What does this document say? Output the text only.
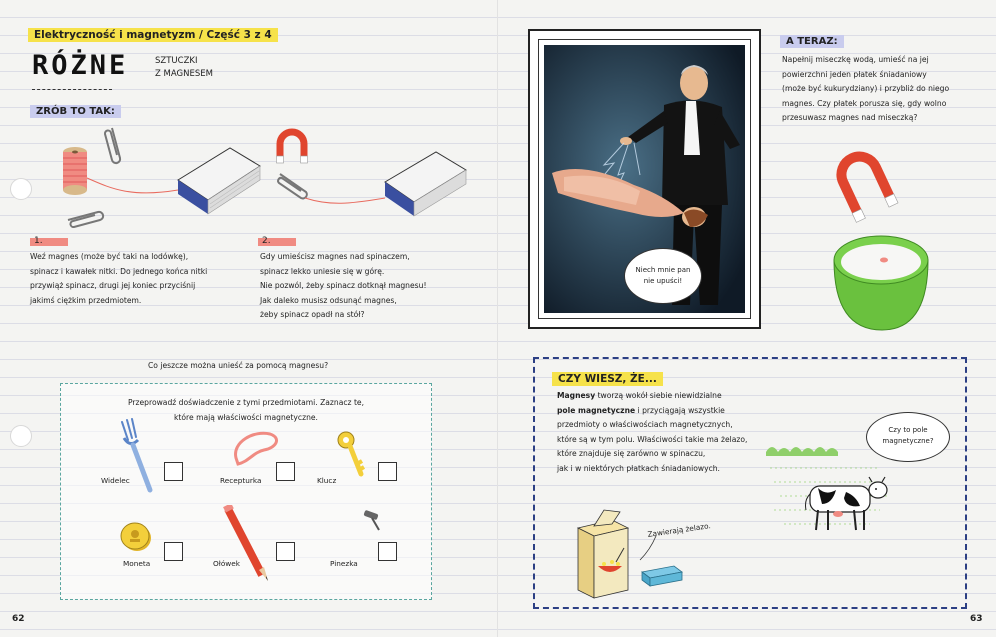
Elektryczność i magnetyzm / Część 3 z 4
RÓŻNE	SZTUCZKI
Z MAGNESEM
ZRÓB TO TAK:
1.
Weź magnes (może być taki na lodówkę),
spinacz i kawałek nitki. Do jednego końca nitki
przywiąż spinacz, drugi jej koniec przyciśnij
jakimś ciężkim przedmiotem.
2.
Gdy umieścisz magnes nad spinaczem,
spinacz lekko uniesie się w górę.
Nie pozwól, żeby spinacz dotknął magnesu!
Jak daleko musisz odsunąć magnes,
żeby spinacz opadł na stół?
Co jeszcze można unieść za pomocą magnesu?
Przeprowadź doświadczenie z tymi przedmiotami. Zaznacz te,
które mają właściwości magnetyczne.
Widelec	Recepturka	Klucz
Moneta	Ołówek	Pinezka
62
Niech mnie pan
nie upuści!
A TERAZ:
Napełnij miseczkę wodą, umieść na jej
powierzchni jeden płatek śniadaniowy
(może być kukurydziany) i przybliż do niego
magnes. Czy płatek porusza się, gdy wolno
przesuwasz magnes nad miseczką?
CZY WIESZ, ŻE...
Magnesy tworzą wokół siebie niewidzialne
pole magnetyczne i przyciągają wszystkie
przedmioty o właściwościach magnetycznych,
które są w tym polu. Właściwości takie ma żelazo,
które znajduje się zarówno w spinaczu,
jak i w niektórych płatkach śniadaniowych.
Czy to pole
magnetyczne?
Zawierają żelazo.
63
